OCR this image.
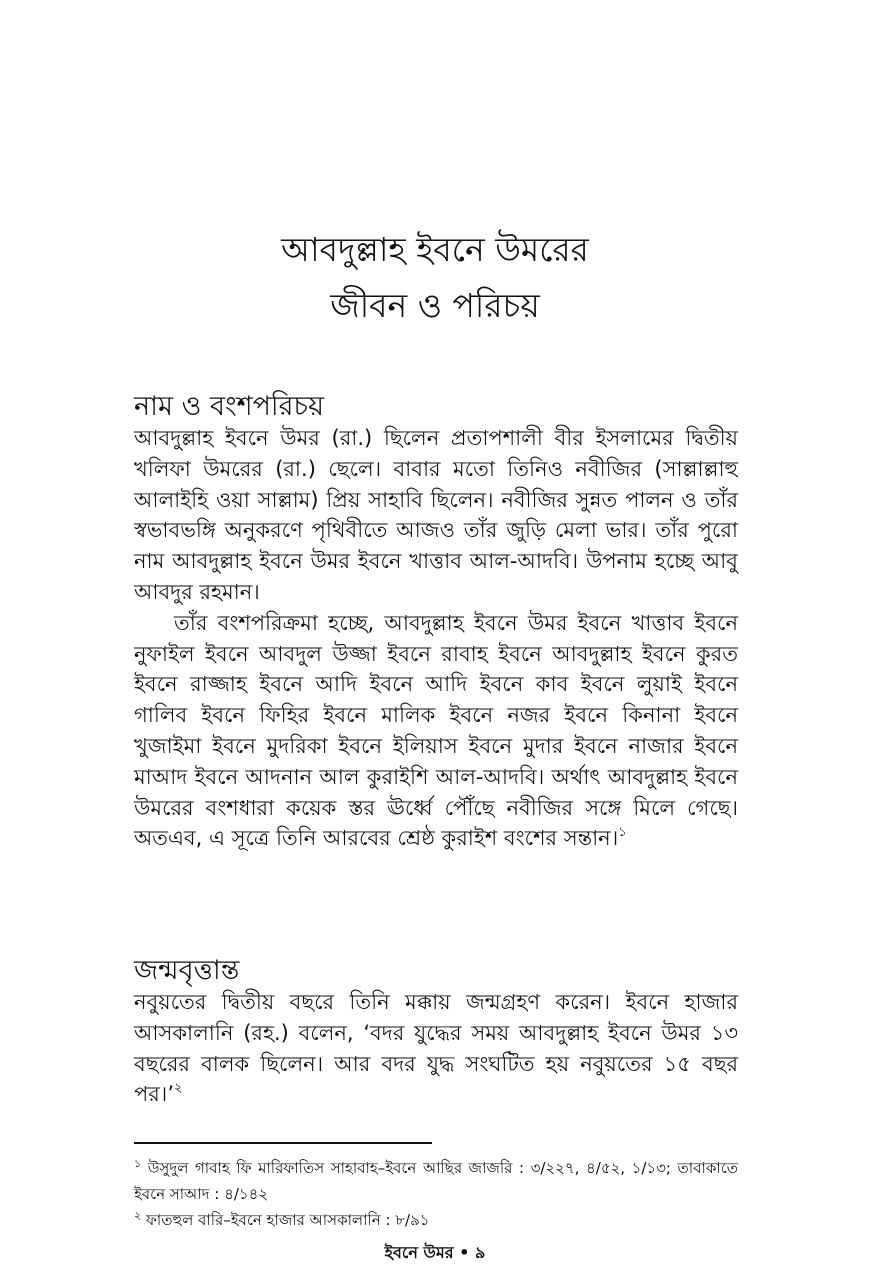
আবদুল্লাহ ইবনে উমরের
জীবন ও পরিচয়
নাম ও বংশপরিচয়

আবদুল্লাহ ইবনে উমর (রা.) ছিলেন প্রতাপশালী বীর ইসলামের দ্বিতীয় খলিফা উমরের (রা.) ছেলে। বাবার মতো তিনিও নবীজির (সাল্লাল্লাহু আলাইহি ওয়া সাল্লাম) প্রিয় সাহাবি ছিলেন। নবীজির সুন্নত পালন ও তাঁর স্বভাবভঙ্গি অনুকরণে পৃথিবীতে আজও তাঁর জুড়ি মেলা ভার। তাঁর পুরো নাম আবদুল্লাহ ইবনে উমর ইবনে খাত্তাব আল-আদবি। উপনাম হচ্ছে আবু আবদুর রহমান।

তাঁর বংশপরিক্রমা হচ্ছে, আবদুল্লাহ ইবনে উমর ইবনে খাত্তাব ইবনে নুফাইল ইবনে আবদুল উজ্জা ইবনে রাবাহ ইবনে আবদুল্লাহ ইবনে কুরত ইবনে রাজ্জাহ ইবনে আদি ইবনে আদি ইবনে কাব ইবনে লুয়াই ইবনে গালিব ইবনে ফিহির ইবনে মালিক ইবনে নজর ইবনে কিনানা ইবনে খুজাইমা ইবনে মুদরিকা ইবনে ইলিয়াস ইবনে মুদার ইবনে নাজার ইবনে মাআদ ইবনে আদনান আল কুরাইশি আল-আদবি। অর্থাৎ আবদুল্লাহ ইবনে উমরের বংশধারা কয়েক স্তর ঊর্ধ্বে পৌঁছে নবীজির সঙ্গে মিলে গেছে। অতএব, এ সূত্রে তিনি আরবের শ্রেষ্ঠ কুরাইশ বংশের সন্তান।$^১$

জন্মবৃত্তান্ত

নবুয়তের দ্বিতীয় বছরে তিনি মক্কায় জন্মগ্রহণ করেন। ইবনে হাজার আসকালানি (রহ.) বলেন, ‘বদর যুদ্ধের সময় আবদুল্লাহ ইবনে উমর ১৩ বছরের বালক ছিলেন। আর বদর যুদ্ধ সংঘটিত হয় নবুয়তের ১৫ বছর পর।’$^২$

$^১$ উসুদুল গাবাহ ফি মারিফাতিস সাহাবাহ–ইবনে আছির জাজরি : ৩/২২৭, ৪/৫২, ১/১৩; তাবাকাতে ইবনে সাআদ : ৪/১৪২

$^২$ ফাতহুল বারি–ইবনে হাজার আসকালানি : ৮/৯১

ইবনে উমর • ৯
